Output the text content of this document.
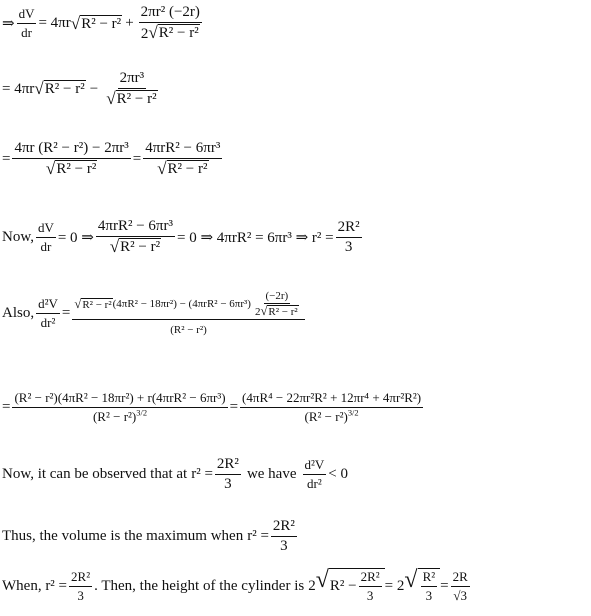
⇒ $\frac{dV}{dr} = 4\pi r$ √ $R^2 - r^2 + \frac{\text{2πr² (−2r)}}{\text{2 √ R² − r²}}$
= 4πr √ $R^2 - r^2 - \frac{\text{2πr³}}{\text{√ R² − r²}}$
= $\frac{\text{4πr (R² − r²) − 2πr³}}{\text{√ R² − r²}} = \frac{\text{4πrR² − 6πr³}}{\text{√ R² − r²}}$
Now, $\frac{dV}{dr} = 0$ ⇒ $\frac{\text{4πrR² − 6πr³}}{\text{√ R² − r²}} = 0$ ⇒ 4πrR² = 6πr³ ⇒ $r^2 = \frac{\text{2R²}}{3}$
Also, $\frac{\text{d²V}}{\text{dr²}}$ =
√ R² − r² $(4\pi R^2 - 18\pi r^2) - (4\pi rR^2 - 6\pi r^3) \frac{(-2r)}{\text{2 √ R² − r²}}$
(R² − r²)
= $\frac{\text{(R² − r²)(4πR² − 18πr²) + r(4πrR² − 6πr³)}}{(R^2 - r^2)^{3/2}} = \frac{\text{(4πR⁴ − 22πr²R² + 12πr⁴ + 4πr²R²)}}{(R^2 - r^2)^{3/2}}$
Now, it can be observed that at $r^2 = \frac{\text{2R²}}{3}$ we have $\frac{\text{d²V}}{\text{dr²}} < 0$
Thus, the volume is the maximum when $r^2 = \frac{\text{2R²}}{3}$
When, $r^2 = \frac{\text{2R²}}{3}$ . Then, the height of the cylinder is 2 √ $R^2 - \frac{\text{2R²}}{3} = 2$ √ $\frac{\text{R²}}{3} = \frac{2R}{√3}$
